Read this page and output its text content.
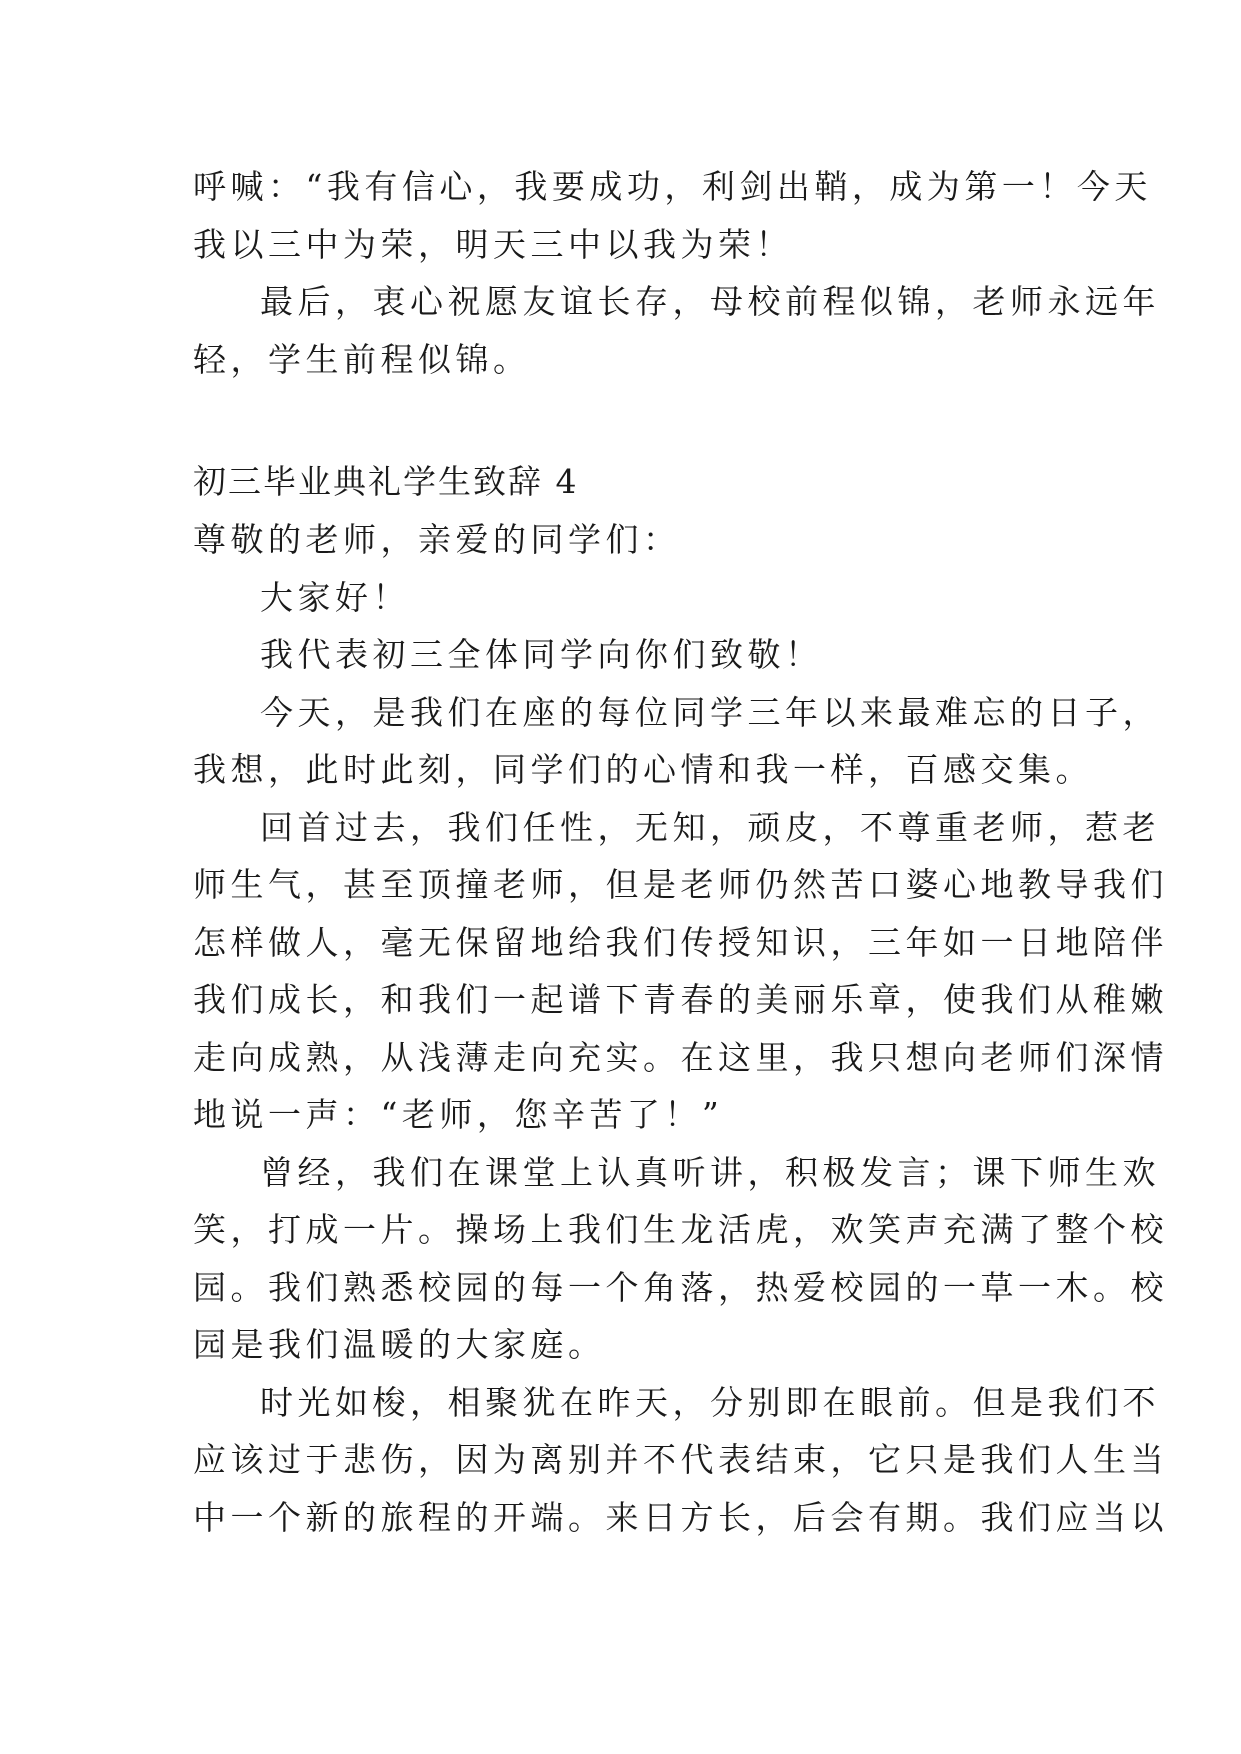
呼喊：“我有信心，我要成功，利剑出鞘，成为第一！今天
我以三中为荣，明天三中以我为荣！
最后，衷心祝愿友谊长存，母校前程似锦，老师永远年
轻，学生前程似锦。
初三毕业典礼学生致辞 4
尊敬的老师，亲爱的同学们：
大家好！
我代表初三全体同学向你们致敬！
今天，是我们在座的每位同学三年以来最难忘的日子，
我想，此时此刻，同学们的心情和我一样，百感交集。
回首过去，我们任性，无知，顽皮，不尊重老师，惹老
师生气，甚至顶撞老师，但是老师仍然苦口婆心地教导我们
怎样做人，毫无保留地给我们传授知识，三年如一日地陪伴
我们成长，和我们一起谱下青春的美丽乐章，使我们从稚嫩
走向成熟，从浅薄走向充实。在这里，我只想向老师们深情
地说一声：“老师，您辛苦了！”
曾经，我们在课堂上认真听讲，积极发言；课下师生欢
笑，打成一片。操场上我们生龙活虎，欢笑声充满了整个校
园。我们熟悉校园的每一个角落，热爱校园的一草一木。校
园是我们温暖的大家庭。
时光如梭，相聚犹在昨天，分别即在眼前。但是我们不
应该过于悲伤，因为离别并不代表结束，它只是我们人生当
中一个新的旅程的开端。来日方长，后会有期。我们应当以
